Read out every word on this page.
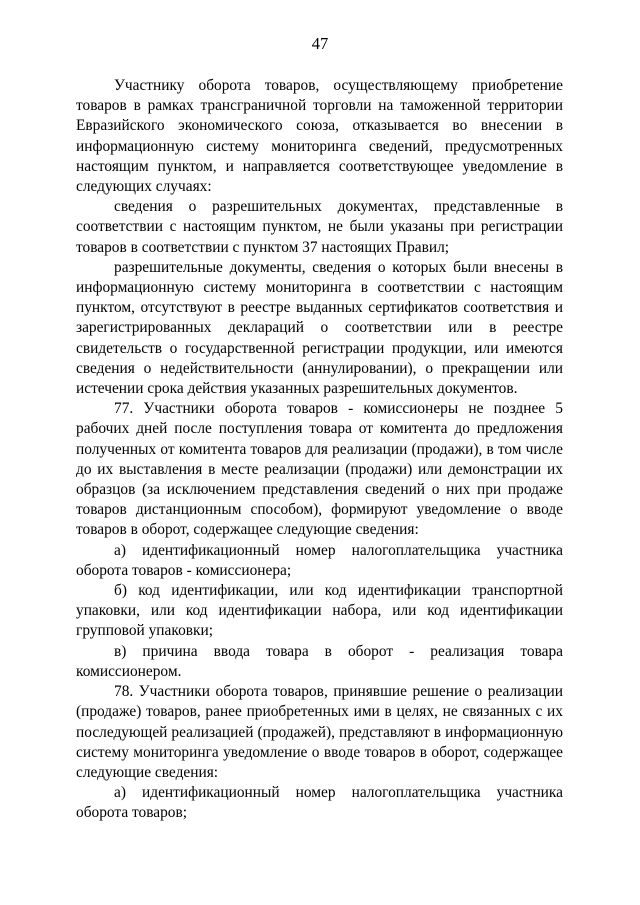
47

Участнику оборота товаров, осуществляющему приобретение товаров в рамках трансграничной торговли на таможенной территории Евразийского экономического союза, отказывается во внесении в информационную систему мониторинга сведений, предусмотренных настоящим пунктом, и направляется соответствующее уведомление в следующих случаях:

сведения о разрешительных документах, представленные в соответствии с настоящим пунктом, не были указаны при регистрации товаров в соответствии с пунктом 37 настоящих Правил;

разрешительные документы, сведения о которых были внесены в информационную систему мониторинга в соответствии с настоящим пунктом, отсутствуют в реестре выданных сертификатов соответствия и зарегистрированных деклараций о соответствии или в реестре свидетельств о государственной регистрации продукции, или имеются сведения о недействительности (аннулировании), о прекращении или истечении срока действия указанных разрешительных документов.

77. Участники оборота товаров - комиссионеры не позднее 5 рабочих дней после поступления товара от комитента до предложения полученных от комитента товаров для реализации (продажи), в том числе до их выставления в месте реализации (продажи) или демонстрации их образцов (за исключением представления сведений о них при продаже товаров дистанционным способом), формируют уведомление о вводе товаров в оборот, содержащее следующие сведения:

а) идентификационный номер налогоплательщика участника оборота товаров - комиссионера;

б) код идентификации, или код идентификации транспортной упаковки, или код идентификации набора, или код идентификации групповой упаковки;

в) причина ввода товара в оборот - реализация товара комиссионером.

78. Участники оборота товаров, принявшие решение о реализации (продаже) товаров, ранее приобретенных ими в целях, не связанных с их последующей реализацией (продажей), представляют в информационную систему мониторинга уведомление о вводе товаров в оборот, содержащее следующие сведения:

а) идентификационный номер налогоплательщика участника оборота товаров;
